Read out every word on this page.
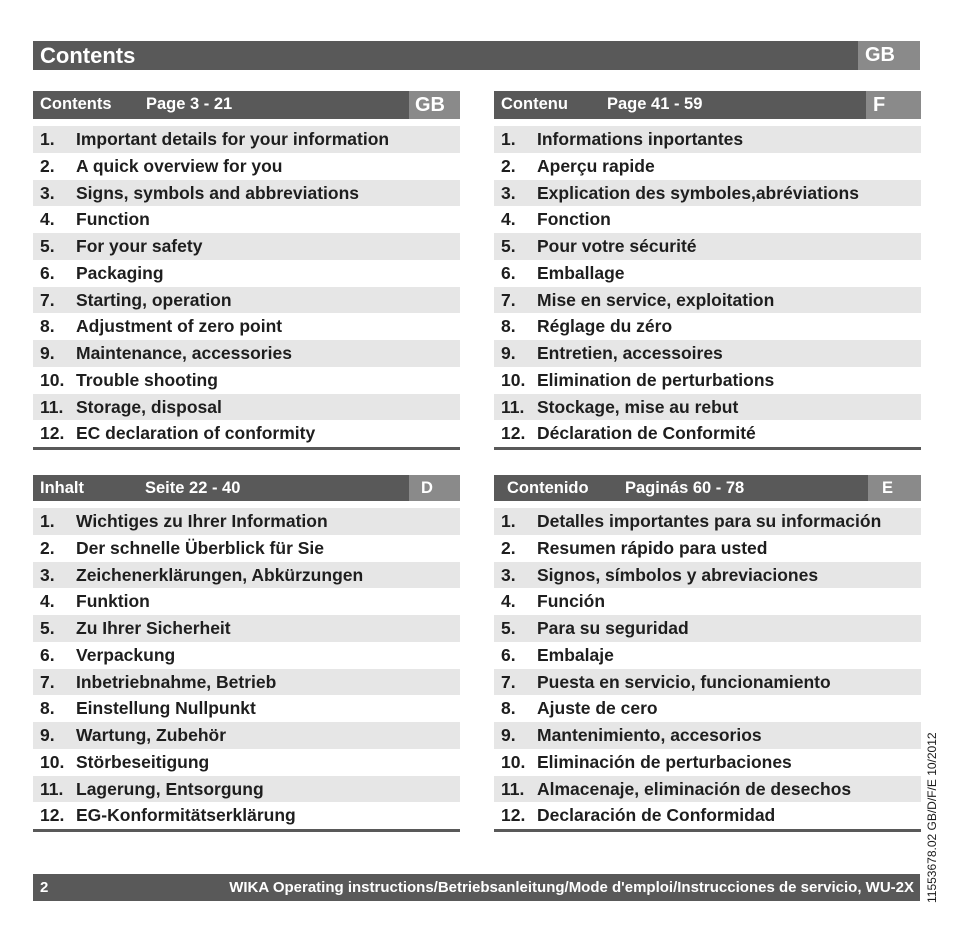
Contents	GB
Contents Page 3 - 21	GB
1. Important details for your information
2. A quick overview for you
3. Signs, symbols and abbreviations
4. Function
5. For your safety
6. Packaging
7. Starting, operation
8. Adjustment of zero point
9. Maintenance, accessories
10. Trouble shooting
11. Storage, disposal
12. EC declaration of conformity
Contenu Page 41 - 59	F
1. Informations inportantes
2. Aperçu rapide
3. Explication des symboles,abréviations
4. Fonction
5. Pour votre sécurité
6. Emballage
7. Mise en service, exploitation
8. Réglage du zéro
9. Entretien, accessoires
10. Elimination de perturbations
11. Stockage, mise au rebut
12. Déclaration de Conformité
Inhalt	Seite 22 - 40	D
1. Wichtiges zu Ihrer Information
2. Der schnelle Überblick für Sie
3. Zeichenerklärungen, Abkürzungen
4. Funktion
5. Zu Ihrer Sicherheit
6. Verpackung
7. Inbetriebnahme, Betrieb
8. Einstellung Nullpunkt
9. Wartung, Zubehör
10. Störbeseitigung
11. Lagerung, Entsorgung
12. EG-Konformitätserklärung
Contenido Paginás 60 - 78	E
1. Detalles importantes para su información
2. Resumen rápido para usted
3. Signos, símbolos y abreviaciones
4. Función
5. Para su seguridad
6. Embalaje
7. Puesta en servicio, funcionamiento
8. Ajuste de cero
9. Mantenimiento, accesorios
10. Eliminación de perturbaciones
11. Almacenaje, eliminación de desechos
12. Declaración de Conformidad	11553678.02 GB/D/F/E 10/2012
2	WIKA Operating instructions/Betriebsanleitung/Mode d'emploi/Instrucciones de servicio, WU-2X
